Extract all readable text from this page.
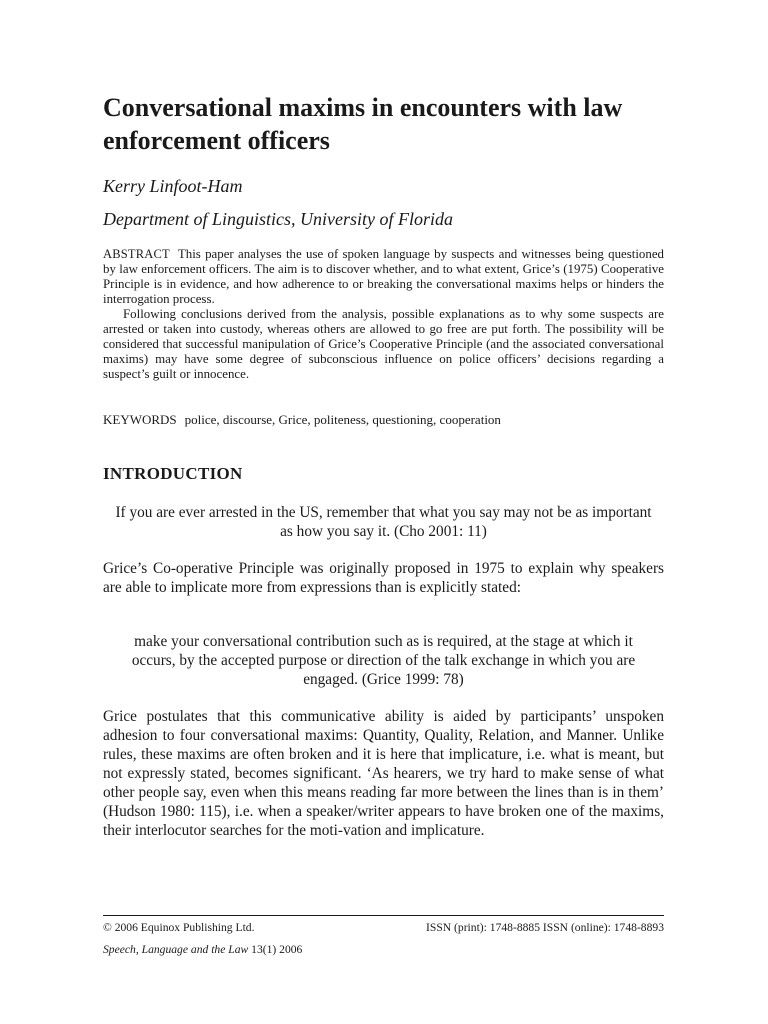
Conversational maxims in encounters with law enforcement officers

Kerry Linfoot-Ham

Department of Linguistics, University of Florida

ABSTRACT This paper analyses the use of spoken language by suspects and witnesses being questioned by law enforcement officers. The aim is to discover whether, and to what extent, Grice’s (1975) Cooperative Principle is in evidence, and how adherence to or breaking the conversational maxims helps or hinders the interrogation process.

Following conclusions derived from the analysis, possible explanations as to why some suspects are arrested or taken into custody, whereas others are allowed to go free are put forth. The possibility will be considered that successful manipulation of Grice’s Cooperative Principle (and the associated conversational maxims) may have some degree of subconscious influence on police officers’ decisions regarding a suspect’s guilt or innocence.

KEYWORDS police, discourse, Grice, politeness, questioning, cooperation

INTRODUCTION

If you are ever arrested in the US, remember that what you say may not be as important as how you say it. (Cho 2001: 11)

Grice’s Co-operative Principle was originally proposed in 1975 to explain why speakers are able to implicate more from expressions than is explicitly stated:

make your conversational contribution such as is required, at the stage at which it occurs, by the accepted purpose or direction of the talk exchange in which you are engaged. (Grice 1999: 78)

Grice postulates that this communicative ability is aided by participants’ unspoken adhesion to four conversational maxims: Quantity, Quality, Relation, and Manner. Unlike rules, these maxims are often broken and it is here that implicature, i.e. what is meant, but not expressly stated, becomes significant. ‘As hearers, we try hard to make sense of what other people say, even when this means reading far more between the lines than is in them’ (Hudson 1980: 115), i.e. when a speaker/writer appears to have broken one of the maxims, their interlocutor searches for the moti-vation and implicature.

© 2006 Equinox Publishing Ltd.	ISSN (print): 1748-8885 ISSN (online): 1748-8893
Speech, Language and the Law 13(1) 2006
